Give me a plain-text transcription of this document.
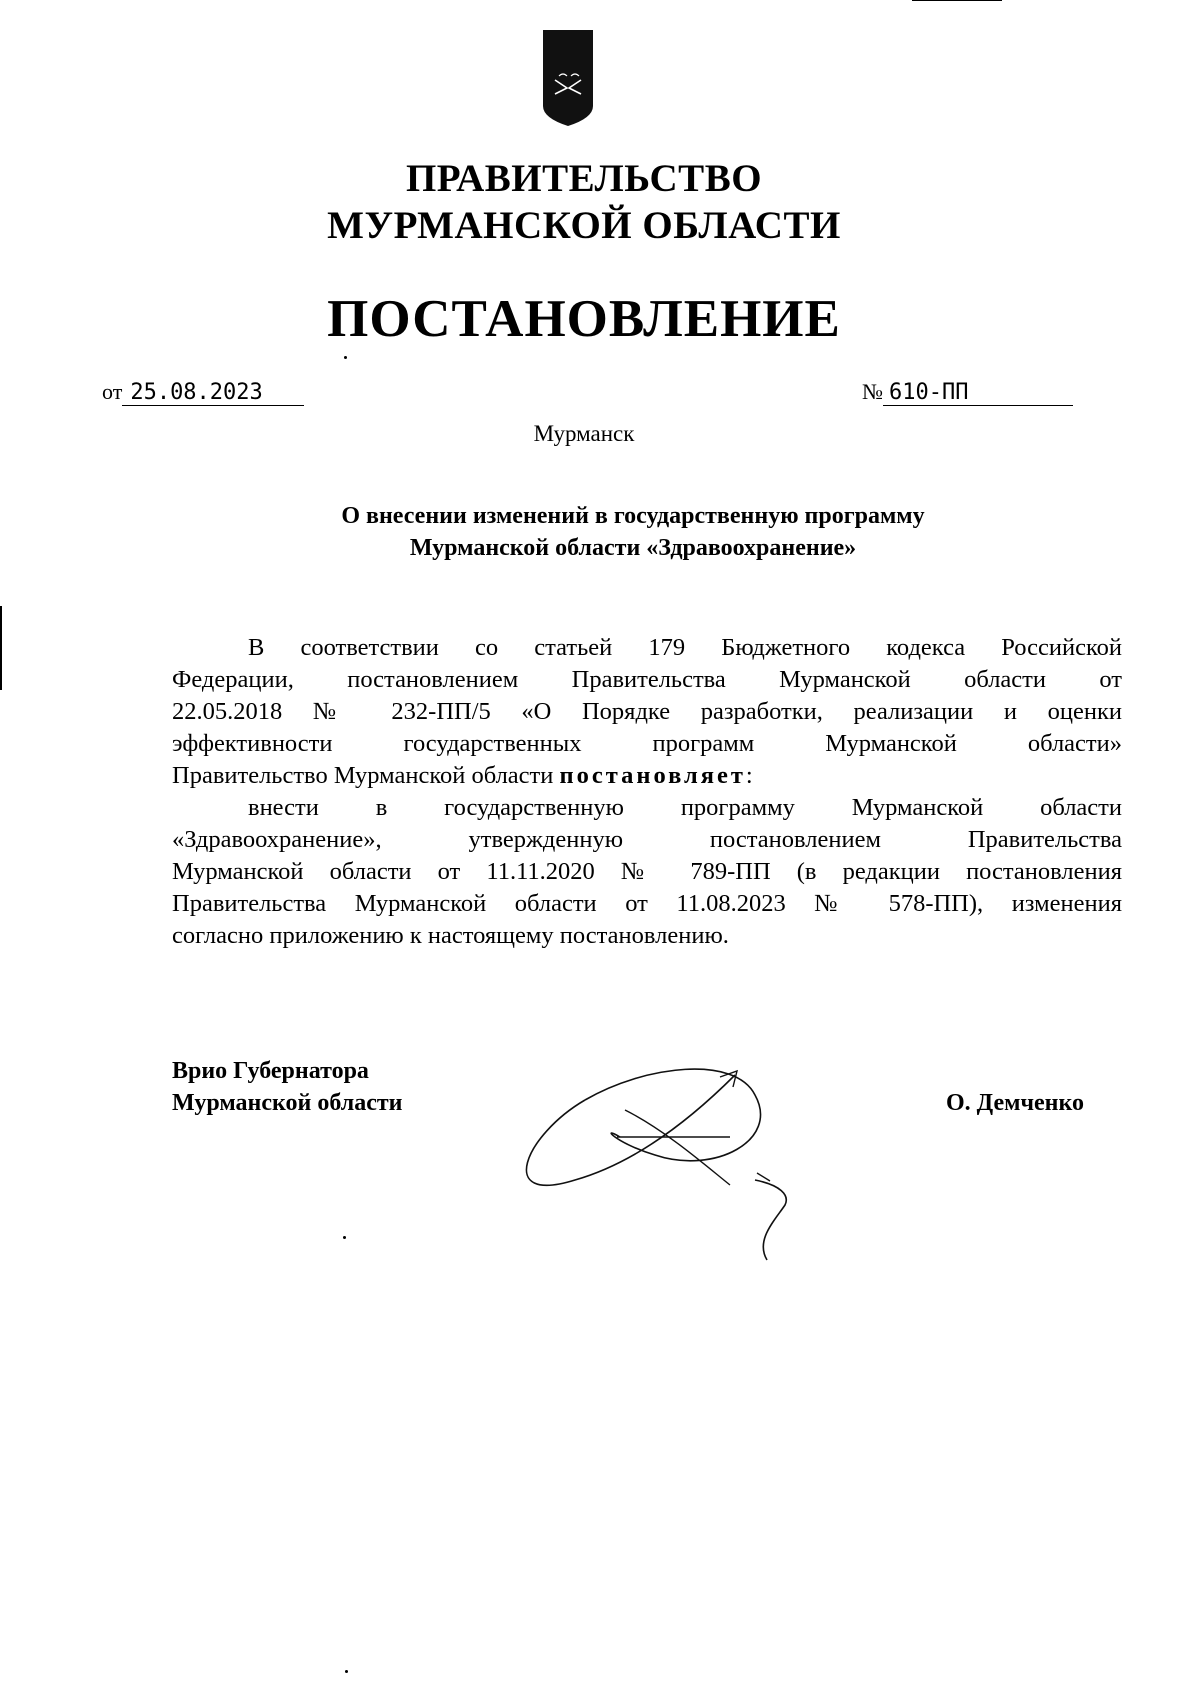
ПРАВИТЕЛЬСТВО
МУРМАНСКОЙ ОБЛАСТИ
ПОСТАНОВЛЕНИЕ
от 25.08.2023	№ 610-ПП
Мурманск
О внесении изменений в государственную программу
Мурманской области «Здравоохранение»
В соответствии со статьей 179 Бюджетного кодекса Российской
Федерации, постановлением Правительства Мурманской области от
22.05.2018 № 232-ПП/5 «О Порядке разработки, реализации и оценки
эффективности государственных программ Мурманской области»
Правительство Мурманской области постановляет:
внести в государственную программу Мурманской области
«Здравоохранение», утвержденную постановлением Правительства
Мурманской области от 11.11.2020 № 789-ПП (в редакции постановления
Правительства Мурманской области от 11.08.2023 № 578-ПП), изменения
согласно приложению к настоящему постановлению.
Врио Губернатора
Мурманской области	О. Демченко
